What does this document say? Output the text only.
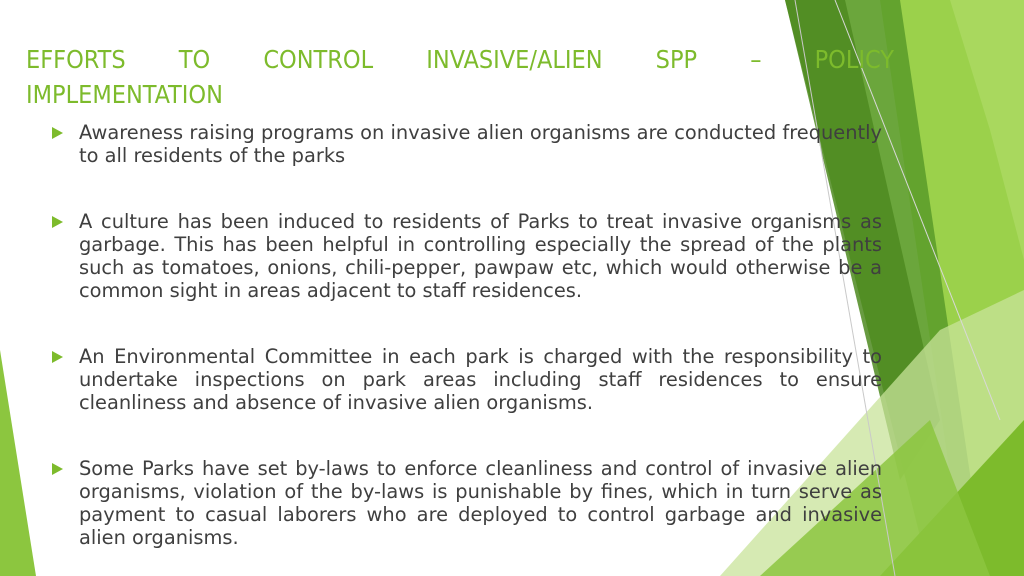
EFFORTS TO CONTROL INVASIVE/ALIEN SPP – POLICY
IMPLEMENTATION
Awareness raising programs on invasive alien organisms are conducted frequently to all residents of the parks
A culture has been induced to residents of Parks to treat invasive organisms as garbage. This has been helpful in controlling especially the spread of the plants such as tomatoes, onions, chili-pepper, pawpaw etc, which would otherwise be a common sight in areas adjacent to staff residences.
An Environmental Committee in each park is charged with the responsibility to undertake inspections on park areas including staff residences to ensure cleanliness and absence of invasive alien organisms.
Some Parks have set by-laws to enforce cleanliness and control of invasive alien organisms, violation of the by-laws is punishable by fines, which in turn serve as payment to casual laborers who are deployed to control garbage and invasive alien organisms.
